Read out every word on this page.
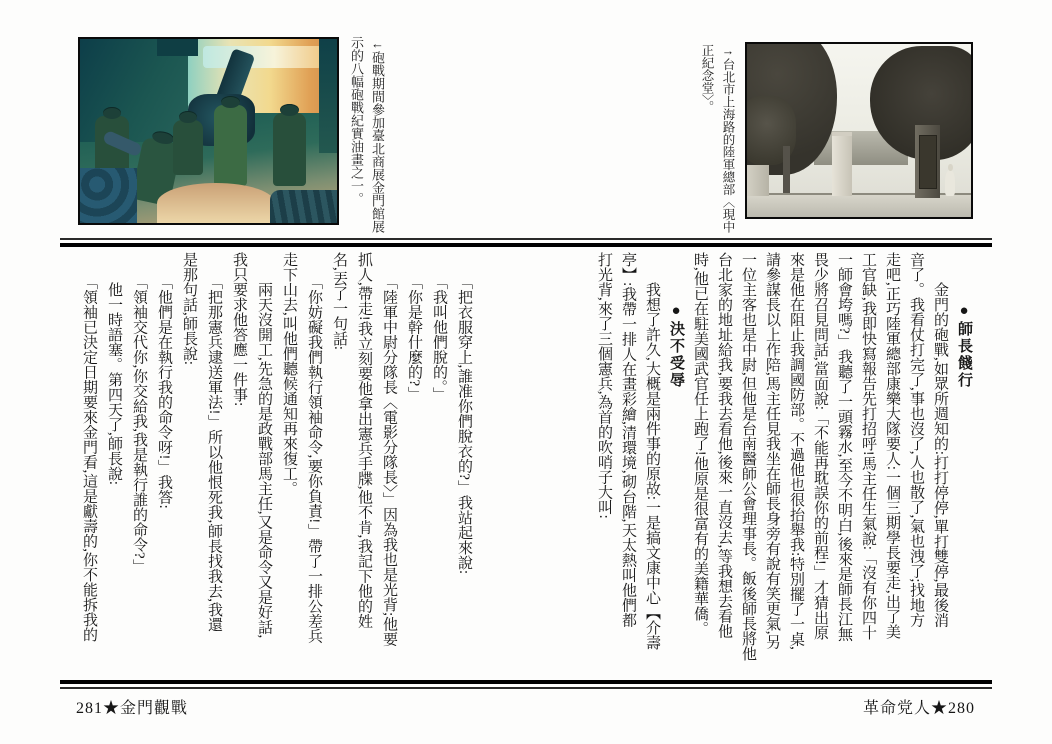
←砲戰期間參加臺北商展金門館展
示的八幅砲戰紀實油畫之一。	→台北市上海路的陸軍總部〈現中
正紀念堂〉。
　　　●師長餞行
　　金門的砲戰,如眾所週知的:打打停停,單打雙停,最後消
音了。我看仗打完了,事也沒了,人也散了,氣也洩了;找地方
走吧,正巧陸軍總部康樂大隊要人:一個三期學長要走,出了美
工官缺,我即快寫報告先打招呼!馬主任生氣說:「沒有你四十
一師會垮嗎?」我聽了一頭霧水,至今不明白,後來是師長江無
畏少將召見問話,當面說:「不能再耽誤你的前程!」才猜出原
來是他在阻止我調國防部。不過他也很抬舉我:特別擺了一桌,
請參謀長以上作陪,馬主任見我坐在師長身旁有說有笑更氣,另
一位主客也是中尉,但他是台南醫師公會理事長。飯後師長將他
台北家的地址給我,要我去看他,後來一直沒去,等我想去看他
時,他已在駐美國武官任上跑了!他原是很富有的美籍華僑。
　　　●決不受辱
　　我想了許久,大概是兩件事的原故:一是搞文康中心【介壽
亭】:我帶一排人在畫彩繪,清環境,砌台階,天太熱叫他們都
打光背,來了三個憲兵,為首的吹哨子大叫:
　　「把衣服穿上,誰准你們脫衣的?」我站起來說:
　　「我叫他們脫的。」
　　「你是幹什麼的?」
　　「陸軍中尉分隊長〈電影分隊長〉」因為我也是光背;他要
抓人,帶走!我立刻要他拿出憲兵手牒,他不肯,我記下他的姓
名,丟了一句話:
　　「你妨礙我們執行領袖命令,要你負責!」帶了一排公差兵
走下山去,叫他們聽候通知再來復工。
　　兩天沒開工,先急的是政戰部馬主任,又是命令又是好話,
我只要求他答應一件事:
　　「把那憲兵逮送軍法!」所以他恨死我,師長找我去,我還
是那句話,師長說:
　　「他們是在執行我的命令呀!」我答:
　　「領袖交代你,你交給我,我是執行誰的命令?」
　　他一時語塞。第四天了,師長說:
　　「領袖已決定日期要來金門看,這是獻壽的,你不能拆我的
281★金門觀戰	革命党人★280
